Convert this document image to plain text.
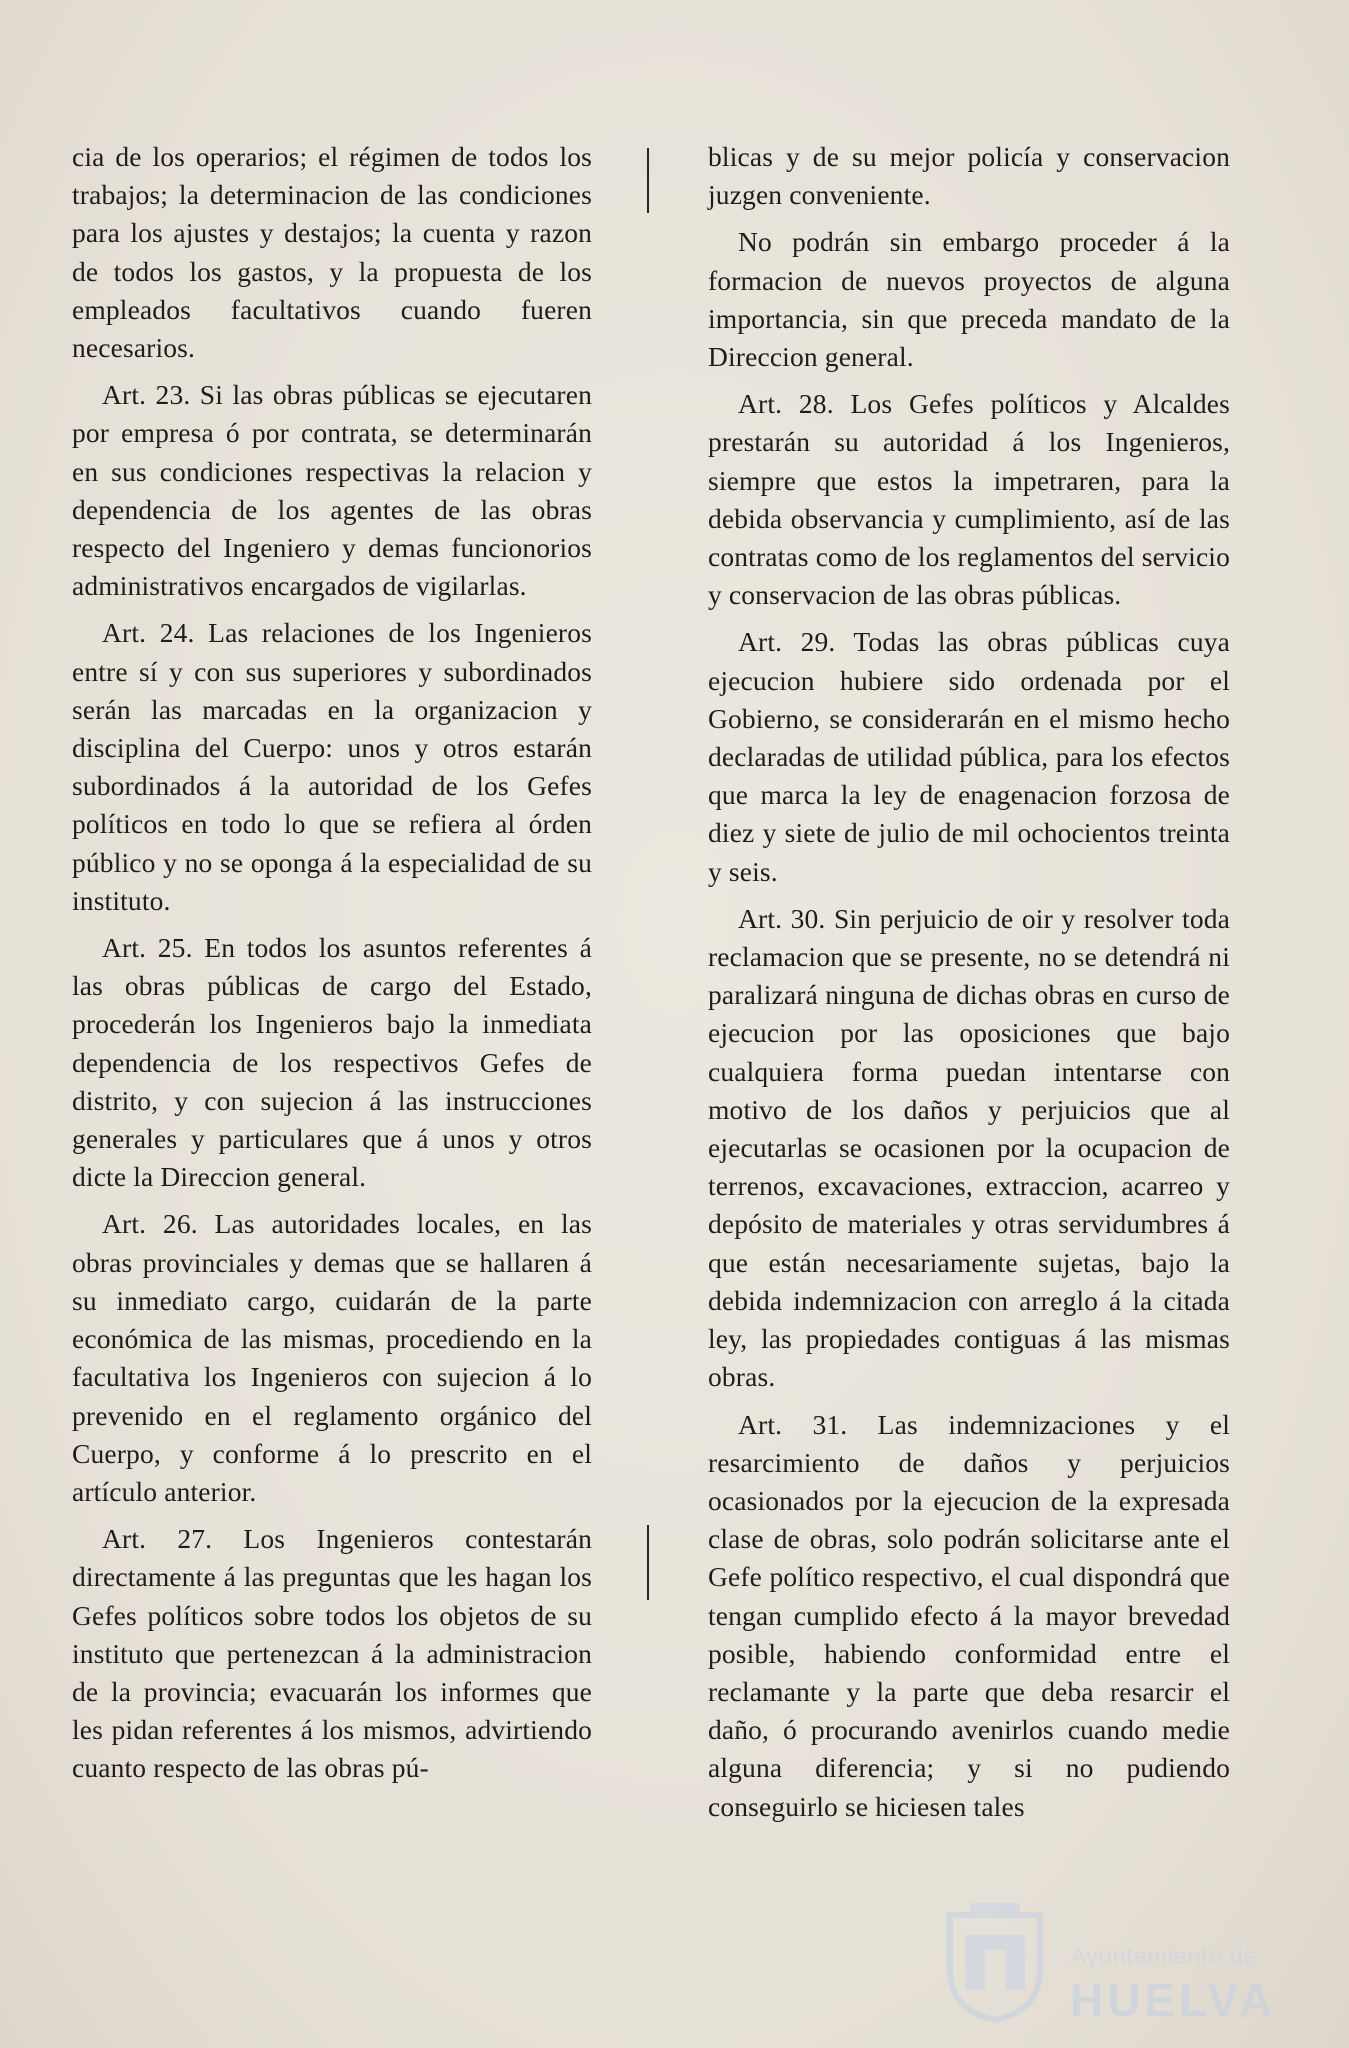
cia de los operarios; el régimen de todos los trabajos; la determinacion de las condiciones para los ajustes y destajos; la cuenta y razon de todos los gastos, y la propuesta de los empleados facultativos cuando fueren necesarios.

Art. 23. Si las obras públicas se ejecutaren por empresa ó por contrata, se determinarán en sus condiciones respectivas la relacion y dependencia de los agentes de las obras respecto del Ingeniero y demas funcionorios administrativos encargados de vigilarlas.

Art. 24. Las relaciones de los Ingenieros entre sí y con sus superiores y subordinados serán las marcadas en la organizacion y disciplina del Cuerpo: unos y otros estarán subordinados á la autoridad de los Gefes políticos en todo lo que se refiera al órden público y no se oponga á la especialidad de su instituto.

Art. 25. En todos los asuntos referentes á las obras públicas de cargo del Estado, procederán los Ingenieros bajo la inmediata dependencia de los respectivos Gefes de distrito, y con sujecion á las instrucciones generales y particulares que á unos y otros dicte la Direccion general.

Art. 26. Las autoridades locales, en las obras provinciales y demas que se hallaren á su inmediato cargo, cuidarán de la parte económica de las mismas, procediendo en la facultativa los Ingenieros con sujecion á lo prevenido en el reglamento orgánico del Cuerpo, y conforme á lo prescrito en el artículo anterior.

Art. 27. Los Ingenieros contestarán directamente á las preguntas que les hagan los Gefes políticos sobre todos los objetos de su instituto que pertenezcan á la administracion de la provincia; evacuarán los informes que les pidan referentes á los mismos, advirtiendo cuanto respecto de las obras pú-

blicas y de su mejor policía y conservacion juzgen conveniente.

No podrán sin embargo proceder á la formacion de nuevos proyectos de alguna importancia, sin que preceda mandato de la Direccion general.

Art. 28. Los Gefes políticos y Alcaldes prestarán su autoridad á los Ingenieros, siempre que estos la impetraren, para la debida observancia y cumplimiento, así de las contratas como de los reglamentos del servicio y conservacion de las obras públicas.

Art. 29. Todas las obras públicas cuya ejecucion hubiere sido ordenada por el Gobierno, se considerarán en el mismo hecho declaradas de utilidad pública, para los efectos que marca la ley de enagenacion forzosa de diez y siete de julio de mil ochocientos treinta y seis.

Art. 30. Sin perjuicio de oir y resolver toda reclamacion que se presente, no se detendrá ni paralizará ninguna de dichas obras en curso de ejecucion por las oposiciones que bajo cualquiera forma puedan intentarse con motivo de los daños y perjuicios que al ejecutarlas se ocasionen por la ocupacion de terrenos, excavaciones, extraccion, acarreo y depósito de materiales y otras servidumbres á que están necesariamente sujetas, bajo la debida indemnizacion con arreglo á la citada ley, las propiedades contiguas á las mismas obras.

Art. 31. Las indemnizaciones y el resarcimiento de daños y perjuicios ocasionados por la ejecucion de la expresada clase de obras, solo podrán solicitarse ante el Gefe político respectivo, el cual dispondrá que tengan cumplido efecto á la mayor brevedad posible, habiendo conformidad entre el reclamante y la parte que deba resarcir el daño, ó procurando avenirlos cuando medie alguna diferencia; y si no pudiendo conseguirlo se hiciesen tales

Ayuntamiento de
HUELVA
